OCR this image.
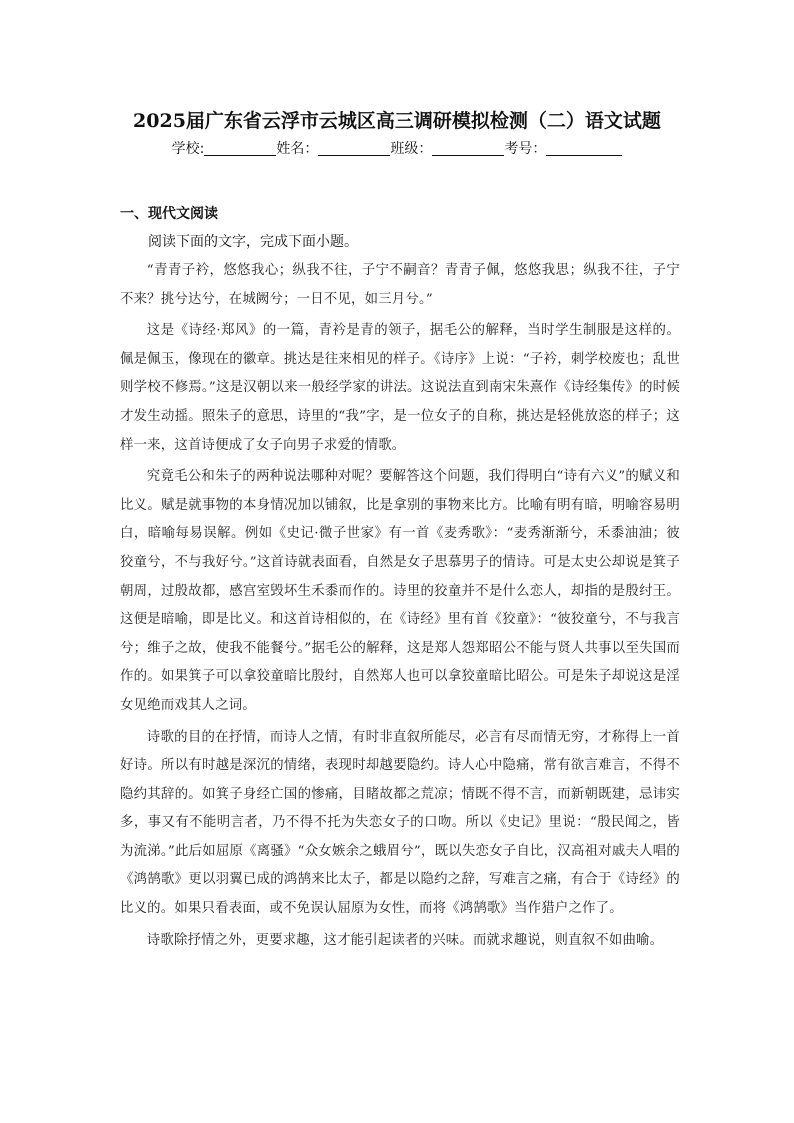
2025届广东省云浮市云城区高三调研模拟检测（二）语文试题
学校:	姓名：	班级：	考号：
一、现代文阅读
阅读下面的文字，完成下面小题。

“青青子衿，悠悠我心；纵我不往，子宁不嗣音？青青子佩，悠悠我思；纵我不往，子宁不来？挑兮达兮，在城阙兮；一日不见，如三月兮。”

这是《诗经·郑风》的一篇，青衿是青的领子，据毛公的解释，当时学生制服是这样的。佩是佩玉，像现在的徽章。挑达是往来相见的样子。《诗序》上说：“子衿，刺学校废也；乱世则学校不修焉。”这是汉朝以来一般经学家的讲法。这说法直到南宋朱熹作《诗经集传》的时候才发生动摇。照朱子的意思，诗里的“我”字，是一位女子的自称，挑达是轻佻放恣的样子；这样一来，这首诗便成了女子向男子求爱的情歌。

究竟毛公和朱子的两种说法哪种对呢？要解答这个问题，我们得明白“诗有六义”的赋义和比义。赋是就事物的本身情况加以铺叙，比是拿别的事物来比方。比喻有明有暗，明喻容易明白，暗喻每易误解。例如《史记·微子世家》有一首《麦秀歌》：“麦秀渐渐兮，禾黍油油；彼狡童兮，不与我好兮。”这首诗就表面看，自然是女子思慕男子的情诗。可是太史公却说是箕子朝周，过殷故都，感宫室毁坏生禾黍而作的。诗里的狡童并不是什么恋人，却指的是殷纣王。这便是暗喻，即是比义。和这首诗相似的，在《诗经》里有首《狡童》：“彼狡童兮，不与我言兮；维子之故，使我不能餐兮。”据毛公的解释，这是郑人怨郑昭公不能与贤人共事以至失国而作的。如果箕子可以拿狡童暗比殷纣，自然郑人也可以拿狡童暗比昭公。可是朱子却说这是淫女见绝而戏其人之词。

诗歌的目的在抒情，而诗人之情，有时非直叙所能尽，必言有尽而情无穷，才称得上一首好诗。所以有时越是深沉的情绪，表现时却越要隐约。诗人心中隐痛，常有欲言难言，不得不隐约其辞的。如箕子身经亡国的惨痛，目睹故都之荒凉；情既不得不言，而新朝既建，忌讳实多，事又有不能明言者，乃不得不托为失恋女子的口吻。所以《史记》里说：“殷民闻之，皆为流涕。”此后如屈原《离骚》“众女嫉余之蛾眉兮”，既以失恋女子自比，汉高祖对戚夫人唱的《鸿鹄歌》更以羽翼已成的鸿鹄来比太子，都是以隐约之辞，写难言之痛，有合于《诗经》的比义的。如果只看表面，或不免误认屈原为女性，而将《鸿鹄歌》当作猎户之作了。

诗歌除抒情之外，更要求趣，这才能引起读者的兴味。而就求趣说，则直叙不如曲喻。
